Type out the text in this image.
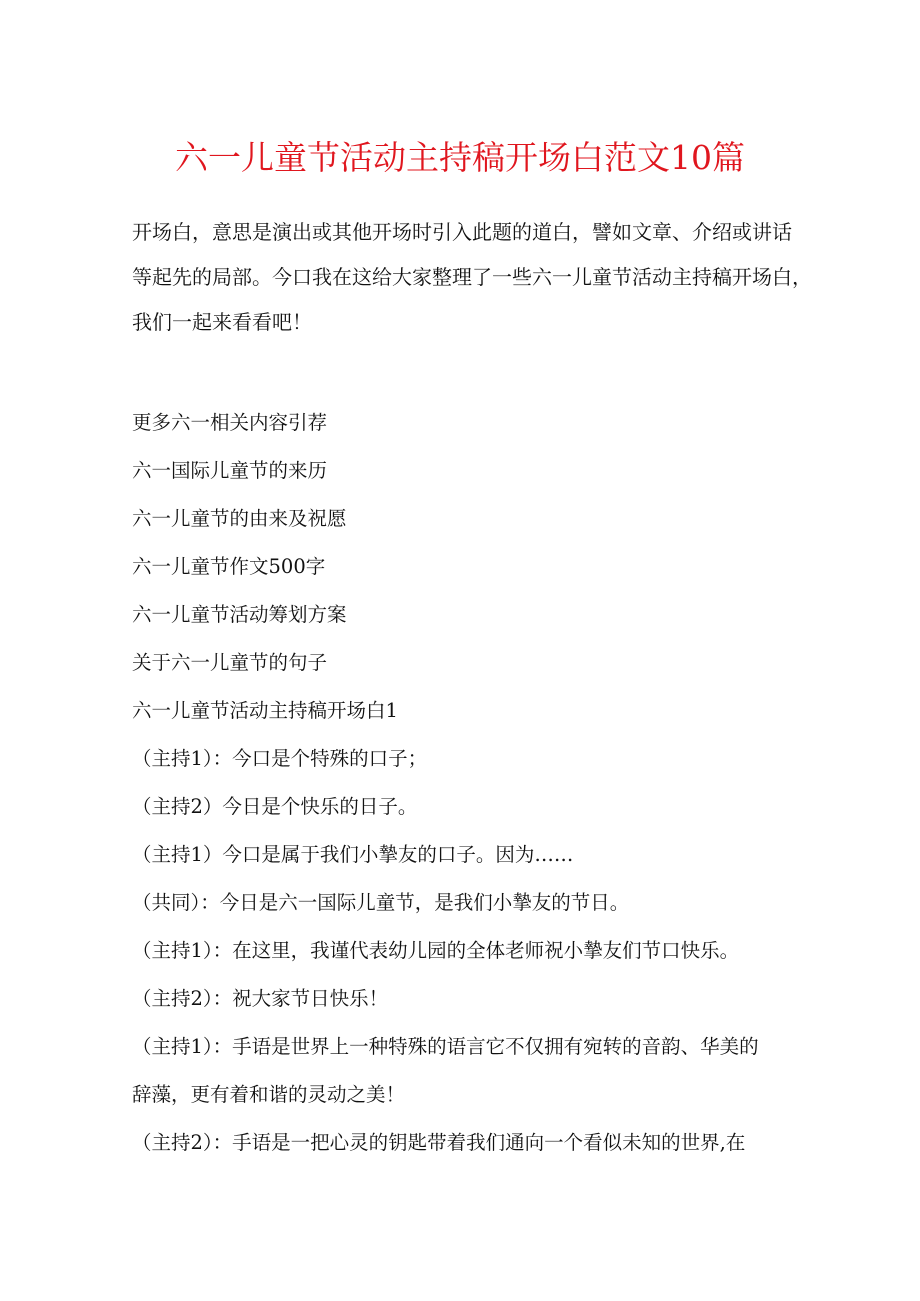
六一儿童节活动主持稿开场白范文10篇
开场白，意思是演出或其他开场时引入此题的道白，譬如文章、介绍或讲话
等起先的局部。今口我在这给大家整理了一些六一儿童节活动主持稿开场白，
我们一起来看看吧！

更多六一相关内容引荐

六一国际儿童节的来历

六一儿童节的由来及祝愿

六一儿童节作文500字

六一儿童节活动筹划方案

关于六一儿童节的句子

六一儿童节活动主持稿开场白1

（主持1）：今口是个特殊的口子；

（主持2）今日是个快乐的日子。

（主持1）今口是属于我们小摯友的口子。因为……

（共同）：今日是六一国际儿童节，是我们小摯友的节日。

（主持1）：在这里，我谨代表幼儿园的全体老师祝小摯友们节口快乐。

（主持2）：祝大家节日快乐！

（主持1）：手语是世界上一种特殊的语言它不仅拥有宛转的音韵、华美的

辞藻，更有着和谐的灵动之美！

（主持2）：手语是一把心灵的钥匙带着我们通向一个看似未知的世界,在
